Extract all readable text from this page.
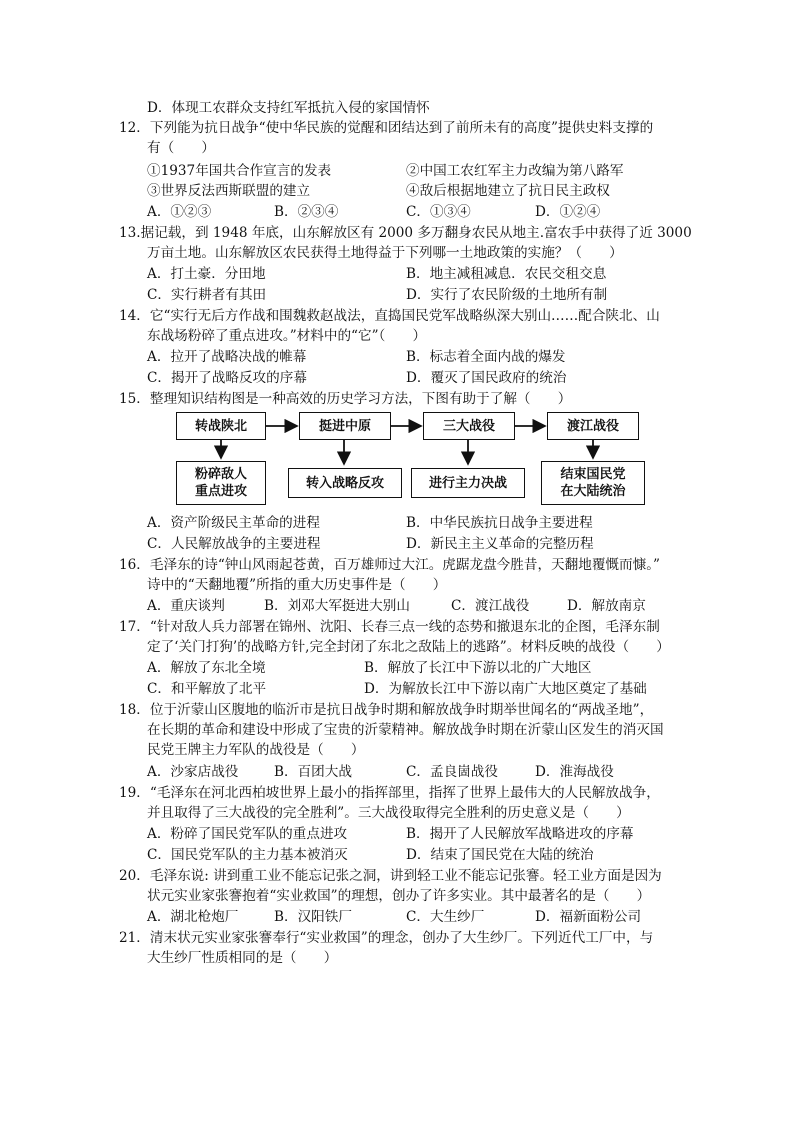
D．体现工农群众支持红军抵抗入侵的家国情怀
12．下列能为抗日战争“使中华民族的觉醒和团结达到了前所未有的高度”提供史料支撑的
有（　　）
①1937年国共合作宣言的发表	②中国工农红军主力改编为第八路军
③世界反法西斯联盟的建立	④敌后根据地建立了抗日民主政权
A．①②③	B．②③④	C．①③④	D．①②④
13.据记载，到 1948 年底，山东解放区有 2000 多万翻身农民从地主.富农手中获得了近 3000
万亩土地。山东解放区农民获得土地得益于下列哪一土地政策的实施？（　　）
A．打土豪．分田地	B．地主减租减息．农民交租交息
C．实行耕者有其田	D．实行了农民阶级的土地所有制
14．它“实行无后方作战和围魏救赵战法，直捣国民党军战略纵深大别山……配合陕北、山
东战场粉碎了重点进攻。”材料中的“它”（　　）
A．拉开了战略决战的帷幕	B．标志着全面内战的爆发
C．揭开了战略反攻的序幕	D．覆灭了国民政府的统治
15．整理知识结构图是一种高效的历史学习方法，下图有助于了解（　　）
转战陕北	挺进中原	三大战役	渡江战役
粉碎敌人
重点进攻
转入战略反攻	进行主力决战
结束国民党
在大陆统治
A．资产阶级民主革命的进程	B．中华民族抗日战争主要进程
C．人民解放战争的主要进程	D．新民主主义革命的完整历程
16．毛泽东的诗“钟山风雨起苍黄，百万雄师过大江。虎踞龙盘今胜昔，天翻地覆慨而慷。”
诗中的“天翻地覆”所指的重大历史事件是（　　）
A．重庆谈判	B．刘邓大军挺进大别山	C．渡江战役	D．解放南京
17．“针对敌人兵力部署在锦州、沈阳、长春三点一线的态势和撤退东北的企图，毛泽东制
定了‘关门打狗’的战略方针,完全封闭了东北之敌陆上的逃路”。材料反映的战役（　　）
A．解放了东北全境	B．解放了长江中下游以北的广大地区
C．和平解放了北平	D．为解放长江中下游以南广大地区奠定了基础
18．位于沂蒙山区腹地的临沂市是抗日战争时期和解放战争时期举世闻名的“两战圣地”，
在长期的革命和建设中形成了宝贵的沂蒙精神。解放战争时期在沂蒙山区发生的消灭国
民党王牌主力军队的战役是（　　）
A．沙家店战役	B．百团大战	C．孟良崮战役	D．淮海战役
19．“毛泽东在河北西柏坡世界上最小的指挥部里，指挥了世界上最伟大的人民解放战争，
并且取得了三大战役的完全胜利”。三大战役取得完全胜利的历史意义是（　　）
A．粉碎了国民党军队的重点进攻	B．揭开了人民解放军战略进攻的序幕
C．国民党军队的主力基本被消灭	D．结束了国民党在大陆的统治
20．毛泽东说: 讲到重工业不能忘记张之洞，讲到轻工业不能忘记张謇。轻工业方面是因为
状元实业家张謇抱着“实业救国”的理想，创办了许多实业。其中最著名的是（　　）
A．湖北枪炮厂	B．汉阳铁厂	C．大生纱厂	D．福新面粉公司
21．清末状元实业家张謇奉行“实业救国”的理念，创办了大生纱厂。下列近代工厂中，与
大生纱厂性质相同的是（　　）
